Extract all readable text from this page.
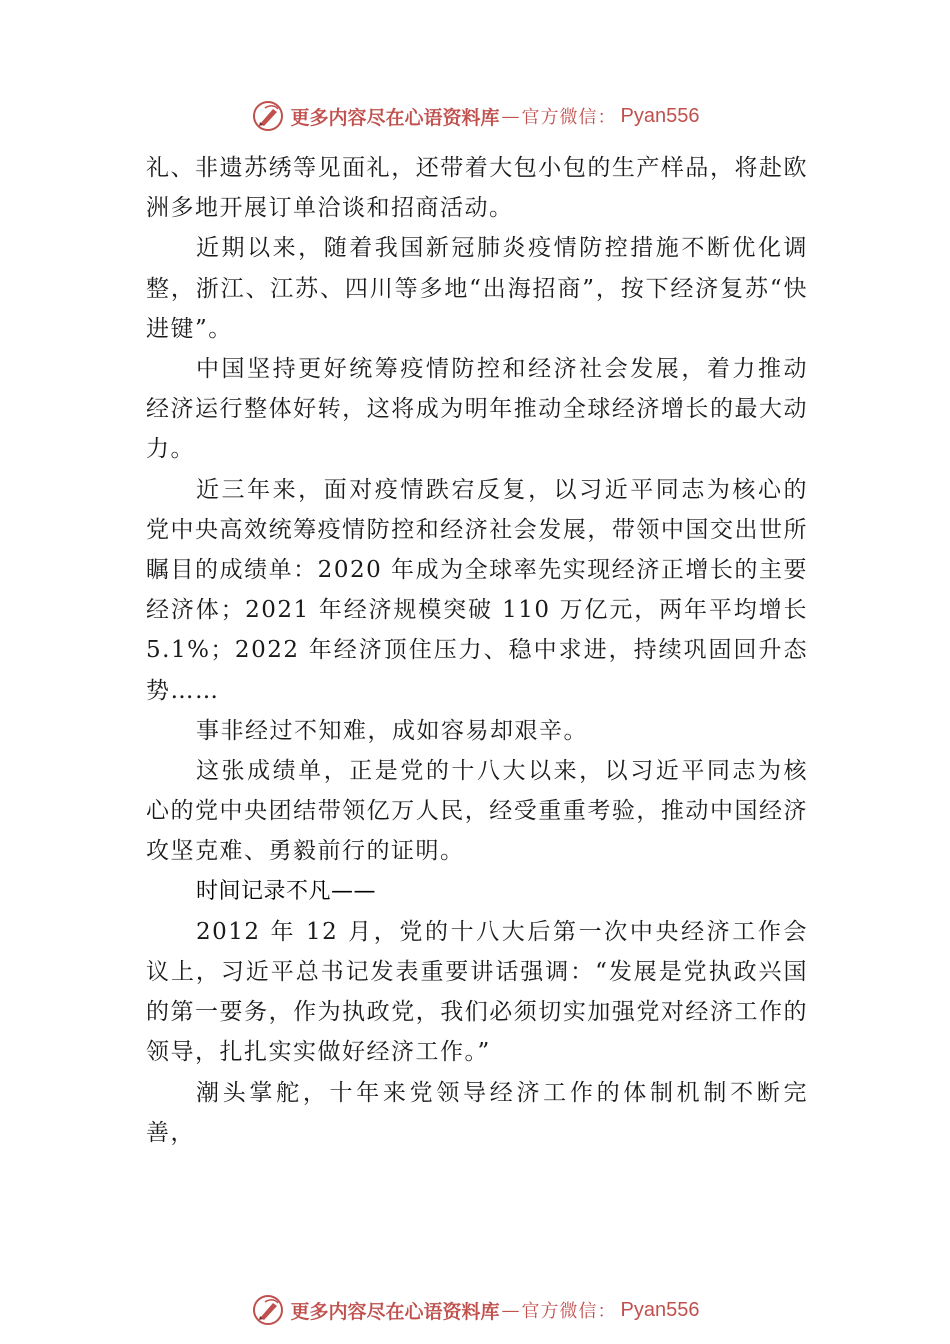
更多内容尽在心语资料库 — 官方微信： Pyan556

礼、非遗苏绣等见面礼，还带着大包小包的生产样品，将赴欧洲多地开展订单洽谈和招商活动。

近期以来，随着我国新冠肺炎疫情防控措施不断优化调整，浙江、江苏、四川等多地“出海招商”，按下经济复苏“快进键”。

中国坚持更好统筹疫情防控和经济社会发展，着力推动经济运行整体好转，这将成为明年推动全球经济增长的最大动力。

近三年来，面对疫情跌宕反复，以习近平同志为核心的党中央高效统筹疫情防控和经济社会发展，带领中国交出世所瞩目的成绩单：2020 年成为全球率先实现经济正增长的主要经济体；2021 年经济规模突破 110 万亿元，两年平均增长 5.1%；2022 年经济顶住压力、稳中求进，持续巩固回升态势……

事非经过不知难，成如容易却艰辛。

这张成绩单，正是党的十八大以来，以习近平同志为核心的党中央团结带领亿万人民，经受重重考验，推动中国经济攻坚克难、勇毅前行的证明。

时间记录不凡——

2012 年 12 月，党的十八大后第一次中央经济工作会议上，习近平总书记发表重要讲话强调：“发展是党执政兴国的第一要务，作为执政党，我们必须切实加强党对经济工作的领导，扎扎实实做好经济工作。”

潮头掌舵，十年来党领导经济工作的体制机制不断完善，

更多内容尽在心语资料库 — 官方微信： Pyan556
